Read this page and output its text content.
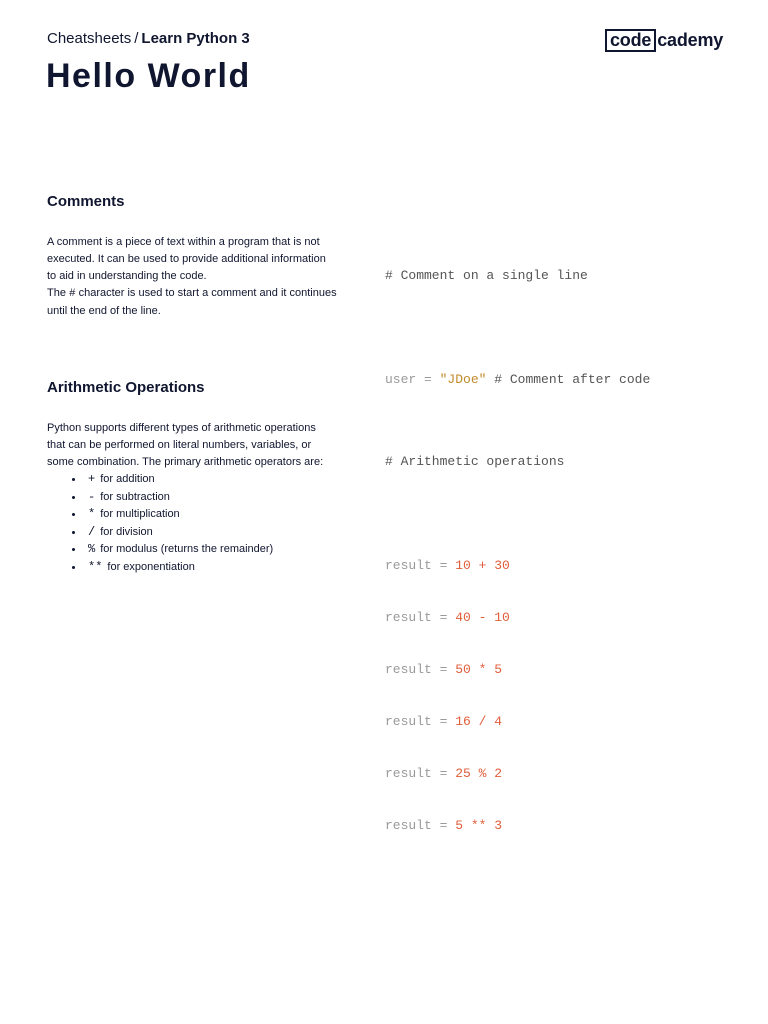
Cheatsheets / Learn Python 3	code cademy
Hello World
Comments

A comment is a piece of text within a program that is not executed. It can be used to provide additional information to aid in understanding the code.

The # character is used to start a comment and it continues until the end of the line.

# Comment on a single line

user = "JDoe" # Comment after code

Arithmetic Operations

Python supports different types of arithmetic operations that can be performed on literal numbers, variables, or some combination. The primary arithmetic operators are:

+ for addition
- for subtraction
* for multiplication
/ for division
% for modulus (returns the remainder)
** for exponentiation

# Arithmetic operations

result = 10 + 30

result = 40 - 10

result = 50 * 5

result = 16 / 4

result = 25 % 2

result = 5 ** 3
